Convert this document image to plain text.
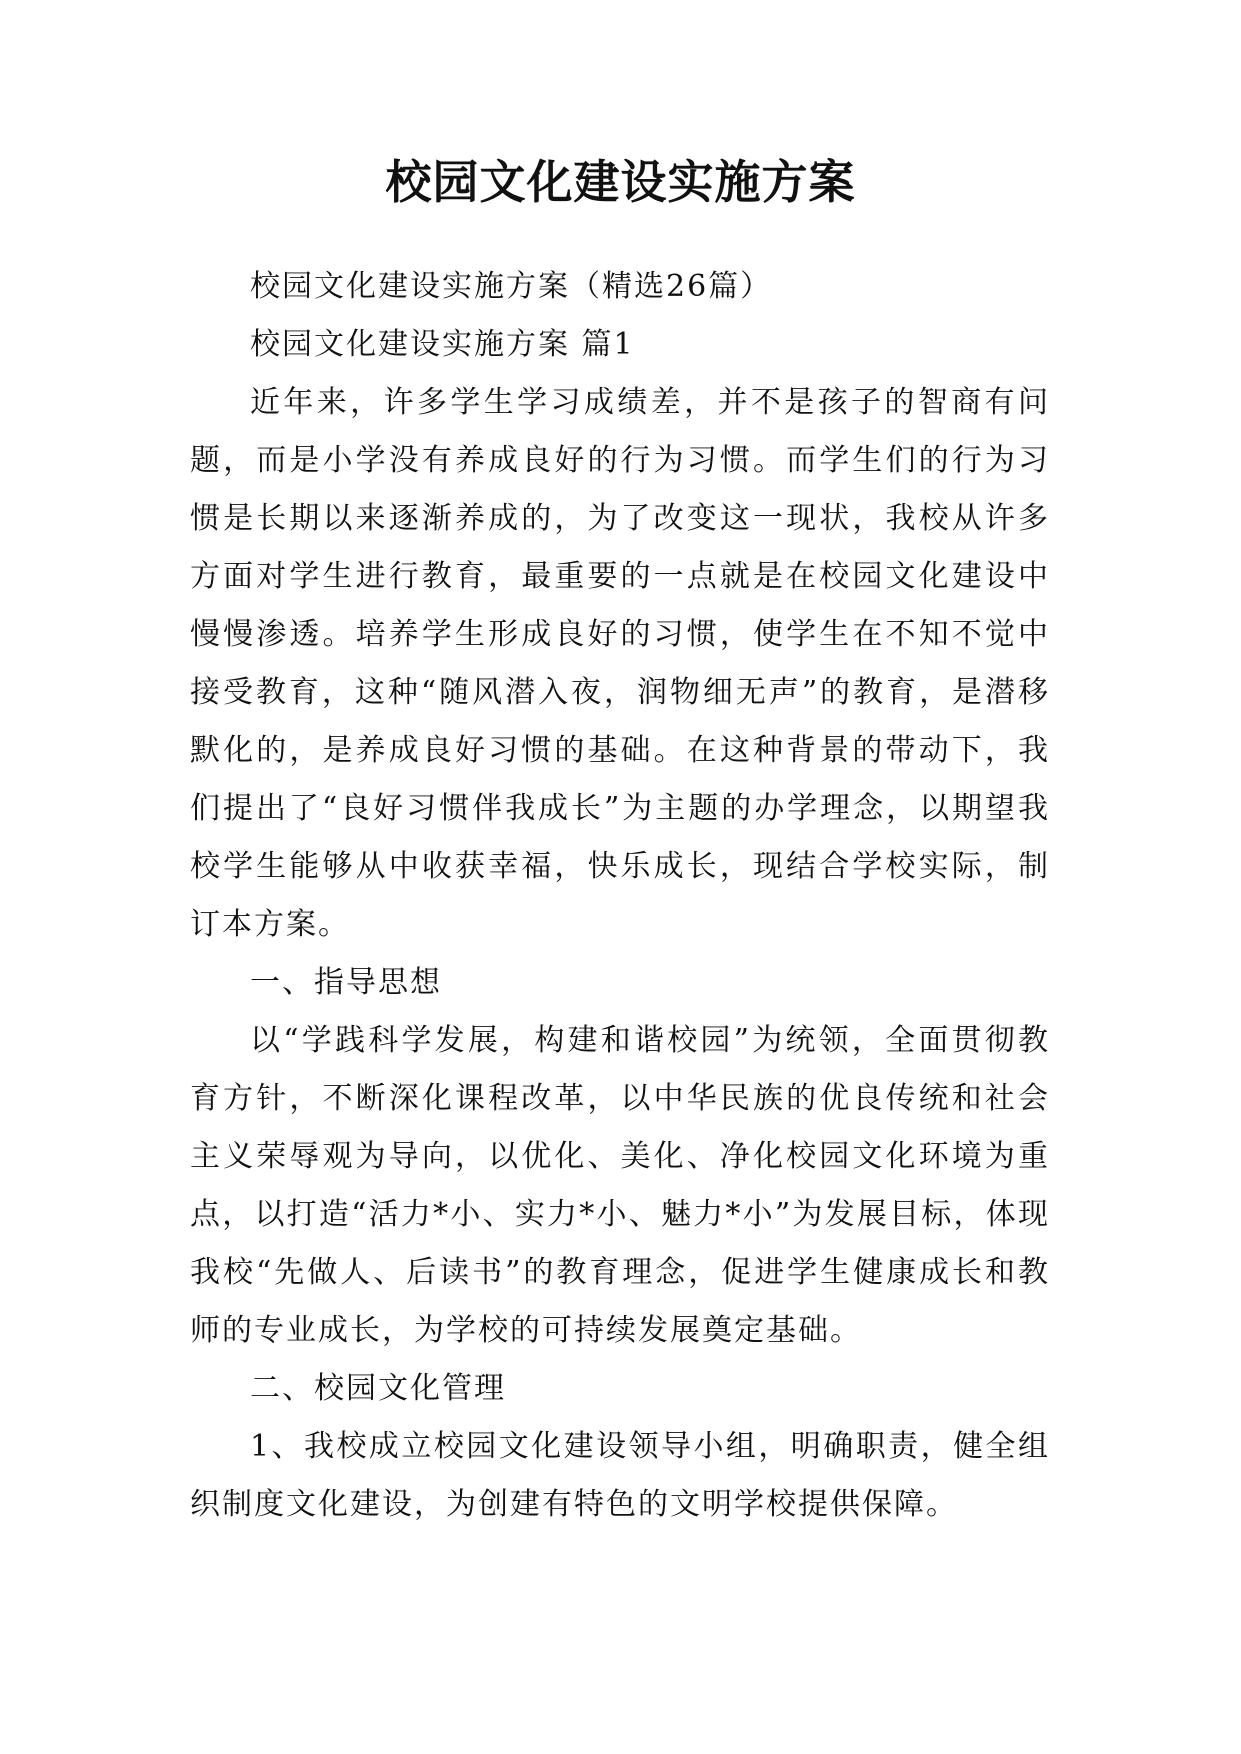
校园文化建设实施方案

校园文化建设实施方案（精选26篇）

校园文化建设实施方案 篇1

近年来，许多学生学习成绩差，并不是孩子的智商有问题，而是小学没有养成良好的行为习惯。而学生们的行为习惯是长期以来逐渐养成的，为了改变这一现状，我校从许多方面对学生进行教育，最重要的一点就是在校园文化建设中慢慢渗透。培养学生形成良好的习惯，使学生在不知不觉中接受教育，这种“随风潜入夜，润物细无声”的教育，是潜移默化的，是养成良好习惯的基础。在这种背景的带动下，我们提出了“良好习惯伴我成长”为主题的办学理念，以期望我校学生能够从中收获幸福，快乐成长，现结合学校实际，制订本方案。

一、指导思想

以“学践科学发展，构建和谐校园”为统领，全面贯彻教育方针，不断深化课程改革，以中华民族的优良传统和社会主义荣辱观为导向，以优化、美化、净化校园文化环境为重点，以打造“活力*小、实力*小、魅力*小”为发展目标，体现我校“先做人、后读书”的教育理念，促进学生健康成长和教师的专业成长，为学校的可持续发展奠定基础。

二、校园文化管理

1、我校成立校园文化建设领导小组，明确职责，健全组织制度文化建设，为创建有特色的文明学校提供保障。
